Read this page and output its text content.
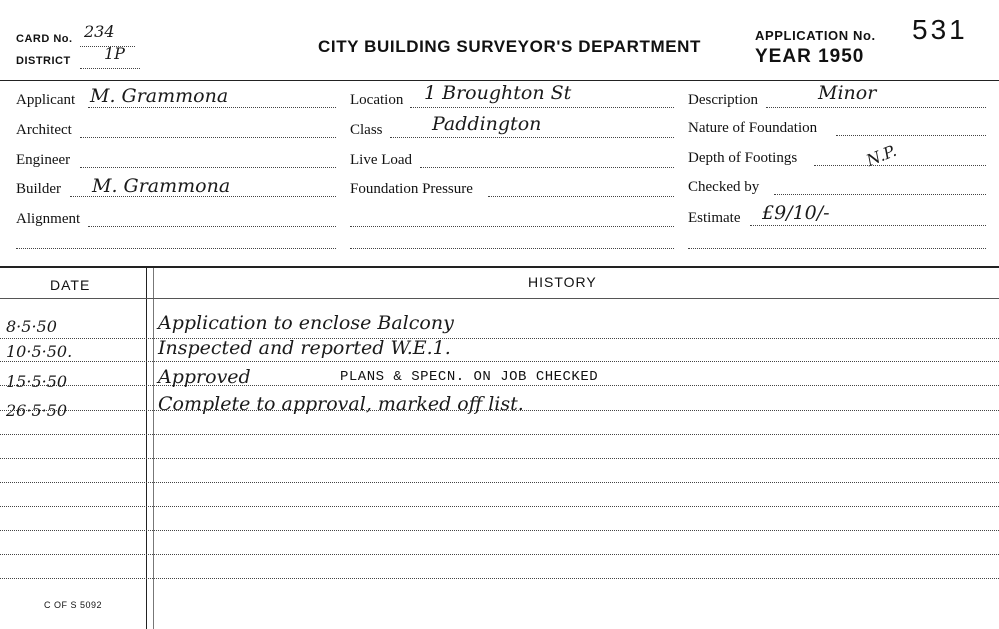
CARD No. 234
DISTRICT 1P	CITY BUILDING SURVEYOR'S DEPARTMENT
APPLICATION No. 531
YEAR 1950
Applicant M. Grammona
Architect
Engineer
Builder M. Grammona
Alignment
Location 1 Broughton St
Class	Paddington
Live Load
Foundation Pressure
Description	Minor
Nature of Foundation
Depth of Footings	N.P.
Checked by
Estimate £9/10/-
DATE	HISTORY
8·5·50	Application to enclose Balcony
10·5·50.	Inspected and reported W.E.1.
15·5·50	Approved	PLANS & SPECN. ON JOB CHECKED
26·5·50	Complete to approval, marked off list.
C OF S 5092
